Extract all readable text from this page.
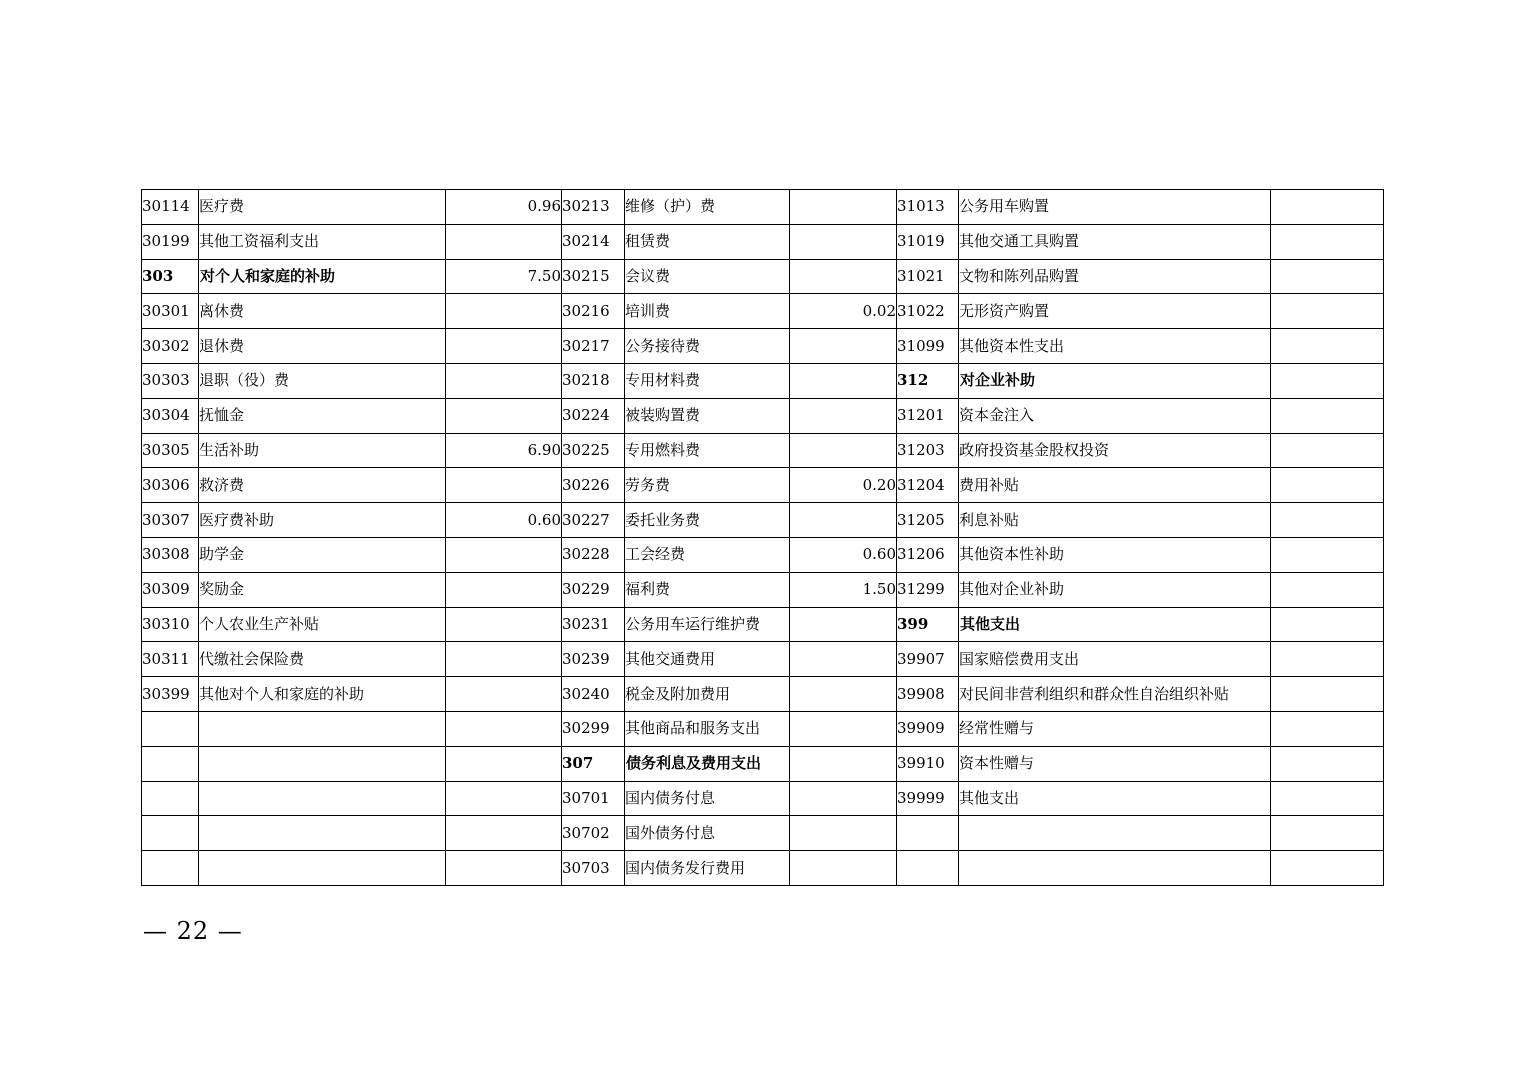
30114	医疗费	0.96	30213	维修（护）费		31013	公务用车购置	
30199	其他工资福利支出		30214	租赁费		31019	其他交通工具购置	
303	对个人和家庭的补助	7.50	30215	会议费		31021	文物和陈列品购置	
30301	离休费		30216	培训费	0.02	31022	无形资产购置	
30302	退休费		30217	公务接待费		31099	其他资本性支出	
30303	退职（役）费		30218	专用材料费		312	对企业补助	
30304	抚恤金		30224	被装购置费		31201	资本金注入	
30305	生活补助	6.90	30225	专用燃料费		31203	政府投资基金股权投资	
30306	救济费		30226	劳务费	0.20	31204	费用补贴	
30307	医疗费补助	0.60	30227	委托业务费		31205	利息补贴	
30308	助学金		30228	工会经费	0.60	31206	其他资本性补助	
30309	奖励金		30229	福利费	1.50	31299	其他对企业补助	
30310	个人农业生产补贴		30231	公务用车运行维护费		399	其他支出	
30311	代缴社会保险费		30239	其他交通费用		39907	国家赔偿费用支出	
30399	其他对个人和家庭的补助		30240	税金及附加费用		39908	对民间非营利组织和群众性自治组织补贴	
			30299	其他商品和服务支出		39909	经常性赠与	
			307	债务利息及费用支出		39910	资本性赠与	
			30701	国内债务付息		39999	其他支出	
			30702	国外债务付息				
			30703	国内债务发行费用				
— 22 —
